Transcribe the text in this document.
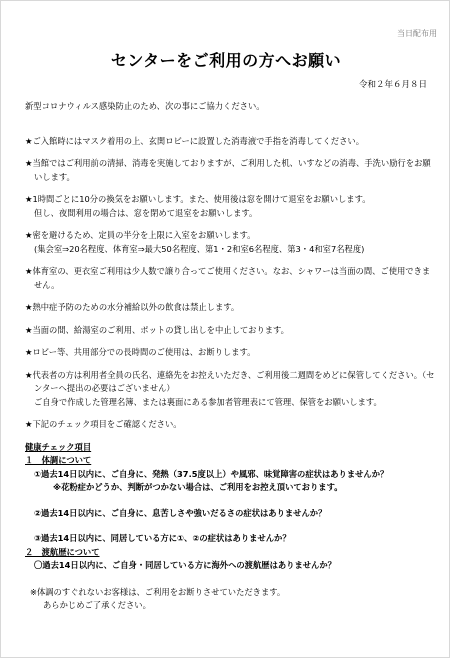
当日配布用
センターをご利用の方へお願い
令和２年６月８日

新型コロナウィルス感染防止のため、次の事にご協力ください。

★ご入館時にはマスク着用の上、玄関ロビーに設置した消毒液で手指を消毒してください。

★当館ではご利用前の清掃、消毒を実施しておりますが、ご利用した机、いすなどの消毒、手洗い励行をお願いします。

★1時間ごとに10分の換気をお願いします。また、使用後は窓を開けて退室をお願いします。
但し、夜間利用の場合は、窓を閉めて退室をお願いします。

★密を避けるため、定員の半分を上限に入室をお願いします。
(集会室⇒20名程度、体育室⇒最大50名程度、第1・2和室6名程度、第3・4和室7名程度)

★体育室の、更衣室ご利用は少人数で譲り合ってご使用ください。なお、シャワーは当面の間、ご使用できません。

★熱中症予防のための水分補給以外の飲食は禁止します。

★当面の間、給湯室のご利用、ポットの貸し出しを中止しております。

★ロビー等、共用部分での長時間のご使用は、お断りします。

★代表者の方は利用者全員の氏名、連絡先をお控えいただき、ご利用後二週間をめどに保管してください。（センターへ提出の必要はございません）
ご自身で作成した管理名簿、または裏面にある参加者管理表にて管理、保管をお願いします。

★下記のチェック項目をご確認ください。

健康チェック項目

１　体調について

①過去14日以内に、ご自身に、発熱（37.5度以上）や風邪、味覚障害の症状はありませんか？

※花粉症かどうか、判断がつかない場合は、ご利用をお控え頂いております。

②過去14日以内に、ご自身に、息苦しさや強いだるさの症状はありませんか？

③過去14日以内に、同居している方に①、②の症状はありませんか？

２　渡航歴について

〇過去14日以内に、ご自身・同居している方に海外への渡航歴はありませんか？

※体調のすぐれないお客様は、ご利用をお断りさせていただきます。

あらかじめご了承ください。
